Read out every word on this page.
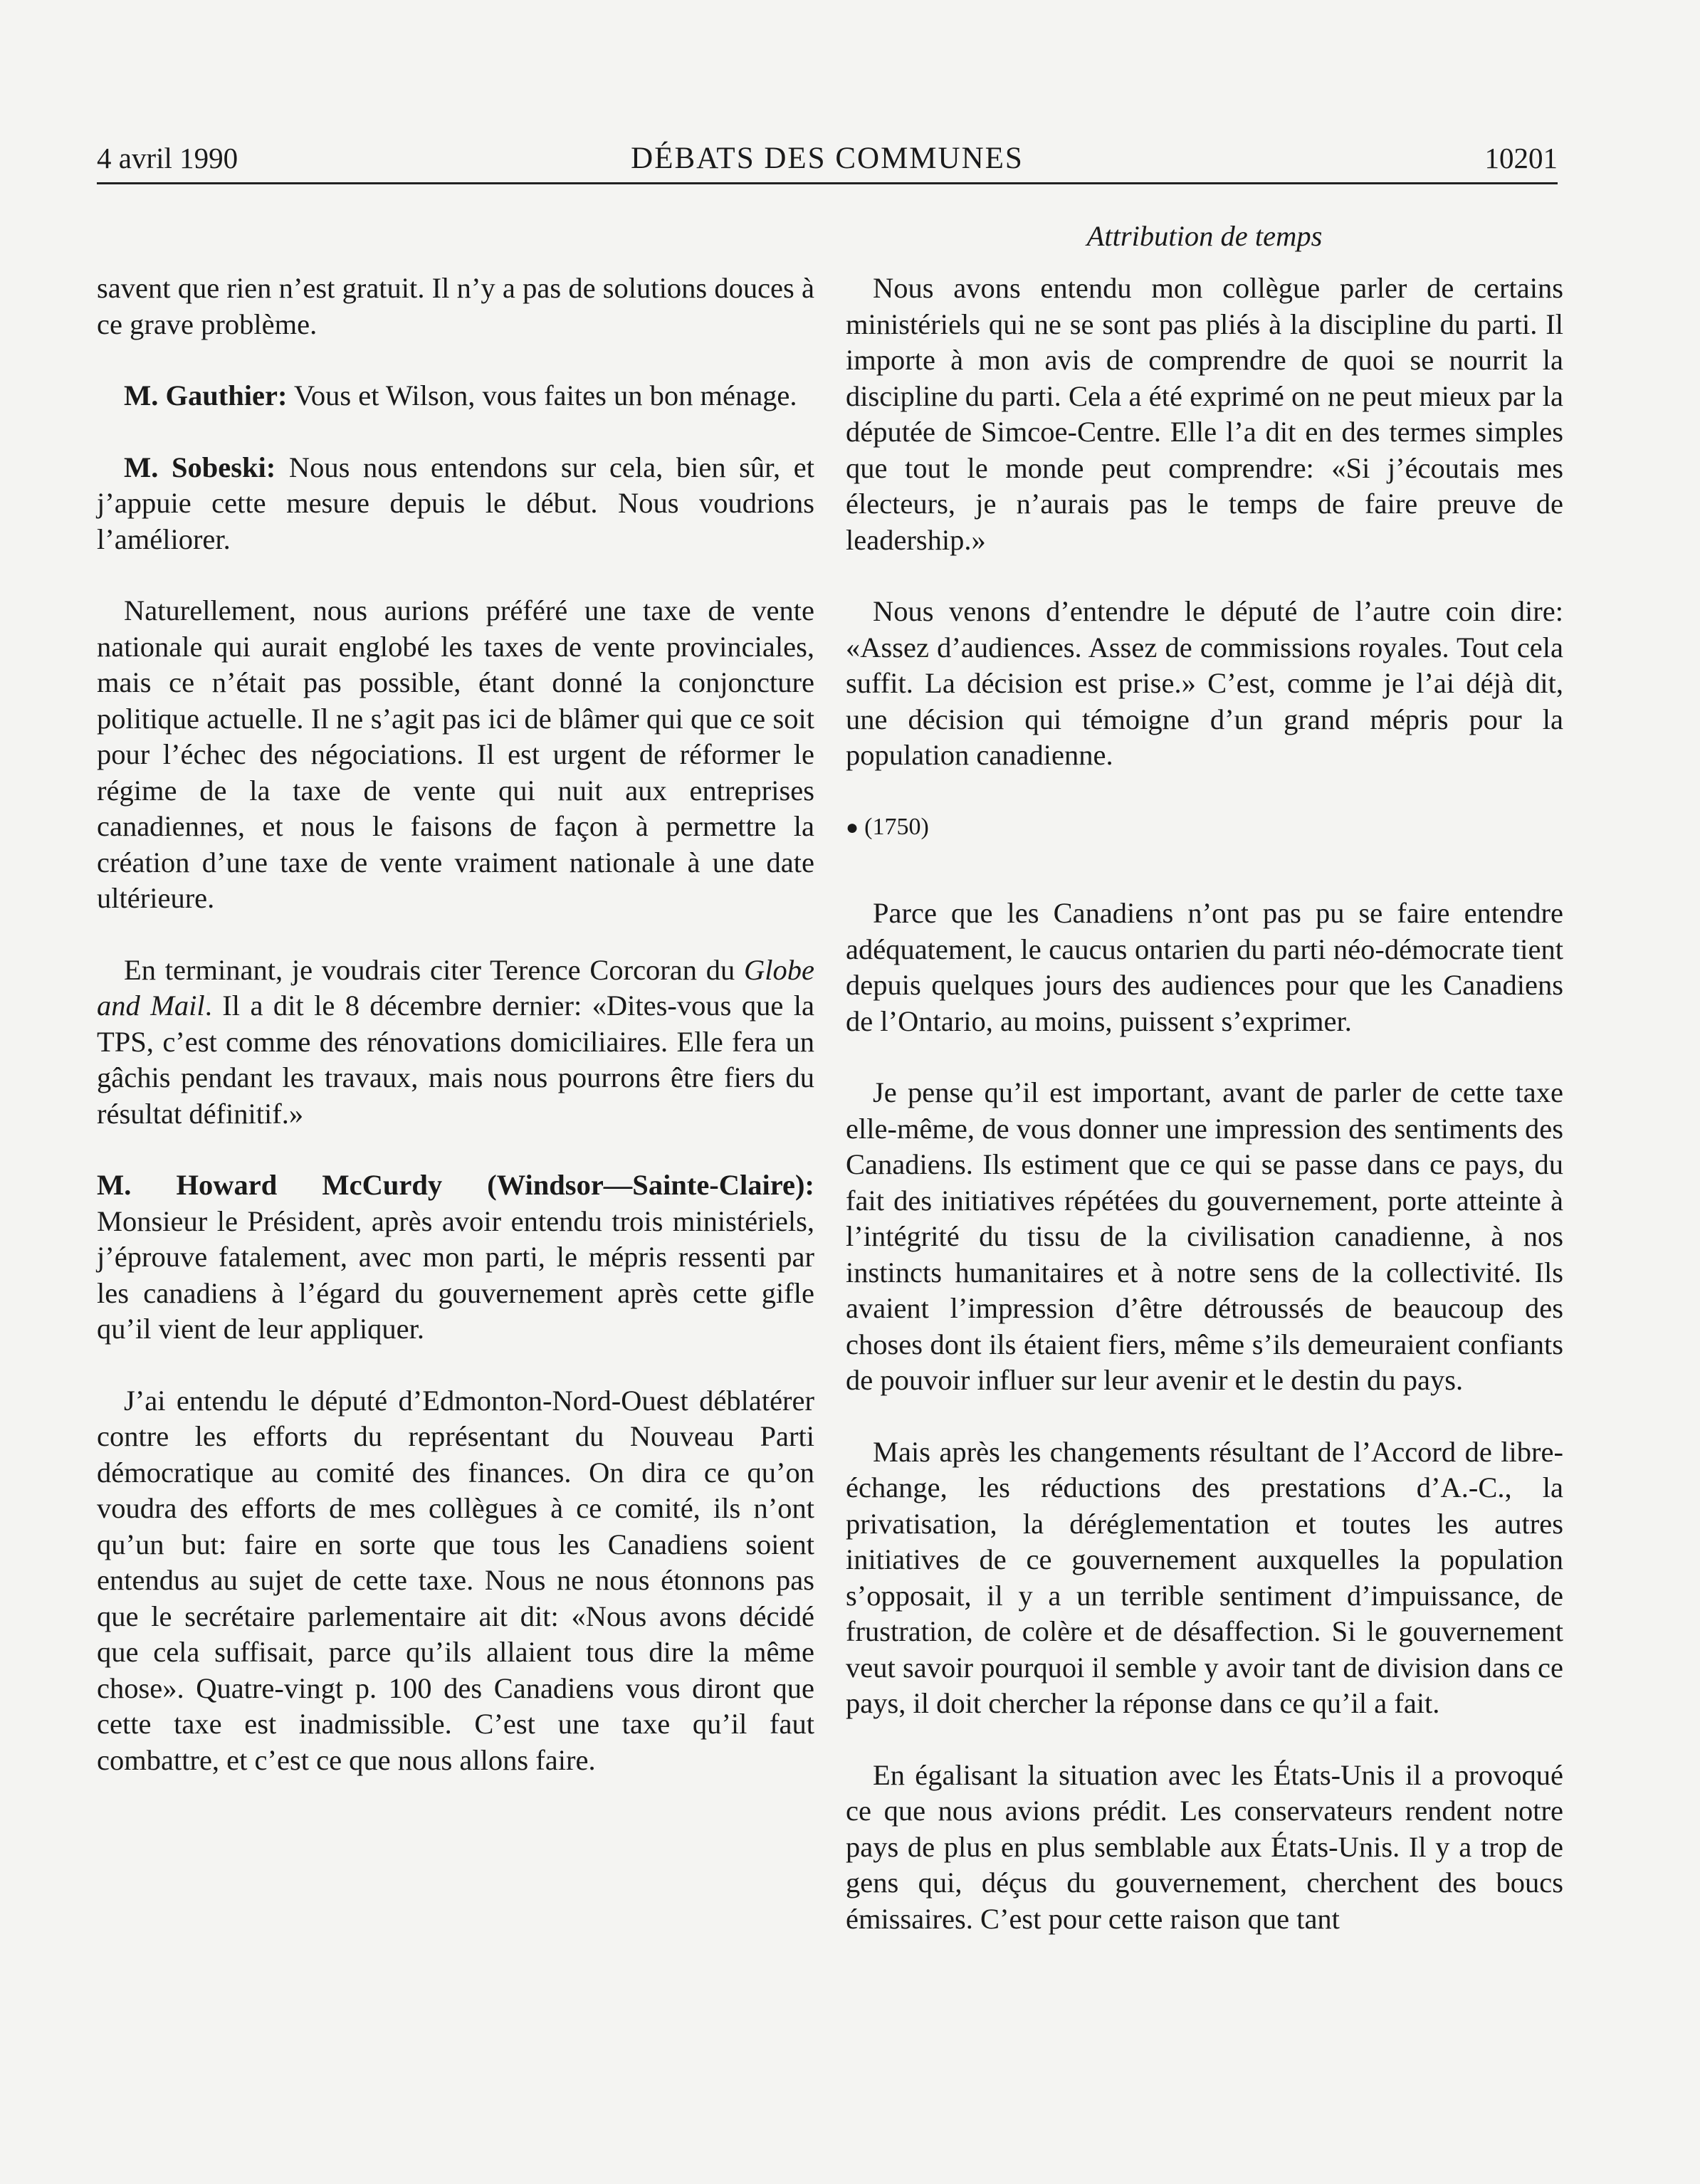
4 avril 1990	DÉBATS DES COMMUNES	10201
Attribution de temps

savent que rien n’est gratuit. Il n’y a pas de solutions douces à ce grave problème.

M. Gauthier: Vous et Wilson, vous faites un bon ménage.

M. Sobeski: Nous nous entendons sur cela, bien sûr, et j’appuie cette mesure depuis le début. Nous voudrions l’améliorer.

Naturellement, nous aurions préféré une taxe de vente nationale qui aurait englobé les taxes de vente provinciales, mais ce n’était pas possible, étant donné la conjoncture politique actuelle. Il ne s’agit pas ici de blâmer qui que ce soit pour l’échec des négociations. Il est urgent de réformer le régime de la taxe de vente qui nuit aux entreprises canadiennes, et nous le faisons de façon à permettre la création d’une taxe de vente vraiment nationale à une date ultérieure.

En terminant, je voudrais citer Terence Corcoran du Globe and Mail. Il a dit le 8 décembre dernier: «Dites-vous que la TPS, c’est comme des rénovations domiciliaires. Elle fera un gâchis pendant les travaux, mais nous pourrons être fiers du résultat définitif.»

M. Howard McCurdy (Windsor—Sainte-Claire): Monsieur le Président, après avoir entendu trois ministériels, j’éprouve fatalement, avec mon parti, le mépris ressenti par les canadiens à l’égard du gouvernement après cette gifle qu’il vient de leur appliquer.

J’ai entendu le député d’Edmonton-Nord-Ouest déblatérer contre les efforts du représentant du Nouveau Parti démocratique au comité des finances. On dira ce qu’on voudra des efforts de mes collègues à ce comité, ils n’ont qu’un but: faire en sorte que tous les Canadiens soient entendus au sujet de cette taxe. Nous ne nous étonnons pas que le secrétaire parlementaire ait dit: «Nous avons décidé que cela suffisait, parce qu’ils allaient tous dire la même chose». Quatre-vingt p. 100 des Canadiens vous diront que cette taxe est inadmissible. C’est une taxe qu’il faut combattre, et c’est ce que nous allons faire.

Nous avons entendu mon collègue parler de certains ministériels qui ne se sont pas pliés à la discipline du parti. Il importe à mon avis de comprendre de quoi se nourrit la discipline du parti. Cela a été exprimé on ne peut mieux par la députée de Simcoe-Centre. Elle l’a dit en des termes simples que tout le monde peut comprendre: «Si j’écoutais mes électeurs, je n’aurais pas le temps de faire preuve de leadership.»

Nous venons d’entendre le député de l’autre coin dire: «Assez d’audiences. Assez de commissions royales. Tout cela suffit. La décision est prise.» C’est, comme je l’ai déjà dit, une décision qui témoigne d’un grand mépris pour la population canadienne.

● (1750)

Parce que les Canadiens n’ont pas pu se faire entendre adéquatement, le caucus ontarien du parti néo-démocrate tient depuis quelques jours des audiences pour que les Canadiens de l’Ontario, au moins, puissent s’exprimer.

Je pense qu’il est important, avant de parler de cette taxe elle-même, de vous donner une impression des sentiments des Canadiens. Ils estiment que ce qui se passe dans ce pays, du fait des initiatives répétées du gouvernement, porte atteinte à l’intégrité du tissu de la civilisation canadienne, à nos instincts humanitaires et à notre sens de la collectivité. Ils avaient l’impression d’être détroussés de beaucoup des choses dont ils étaient fiers, même s’ils demeuraient confiants de pouvoir influer sur leur avenir et le destin du pays.

Mais après les changements résultant de l’Accord de libre-échange, les réductions des prestations d’A.-C., la privatisation, la déréglementation et toutes les autres initiatives de ce gouvernement auxquelles la population s’opposait, il y a un terrible sentiment d’impuissance, de frustration, de colère et de désaffection. Si le gouvernement veut savoir pourquoi il semble y avoir tant de division dans ce pays, il doit chercher la réponse dans ce qu’il a fait.

En égalisant la situation avec les États-Unis il a provoqué ce que nous avions prédit. Les conservateurs rendent notre pays de plus en plus semblable aux États-Unis. Il y a trop de gens qui, déçus du gouvernement, cherchent des boucs émissaires. C’est pour cette raison que tant
